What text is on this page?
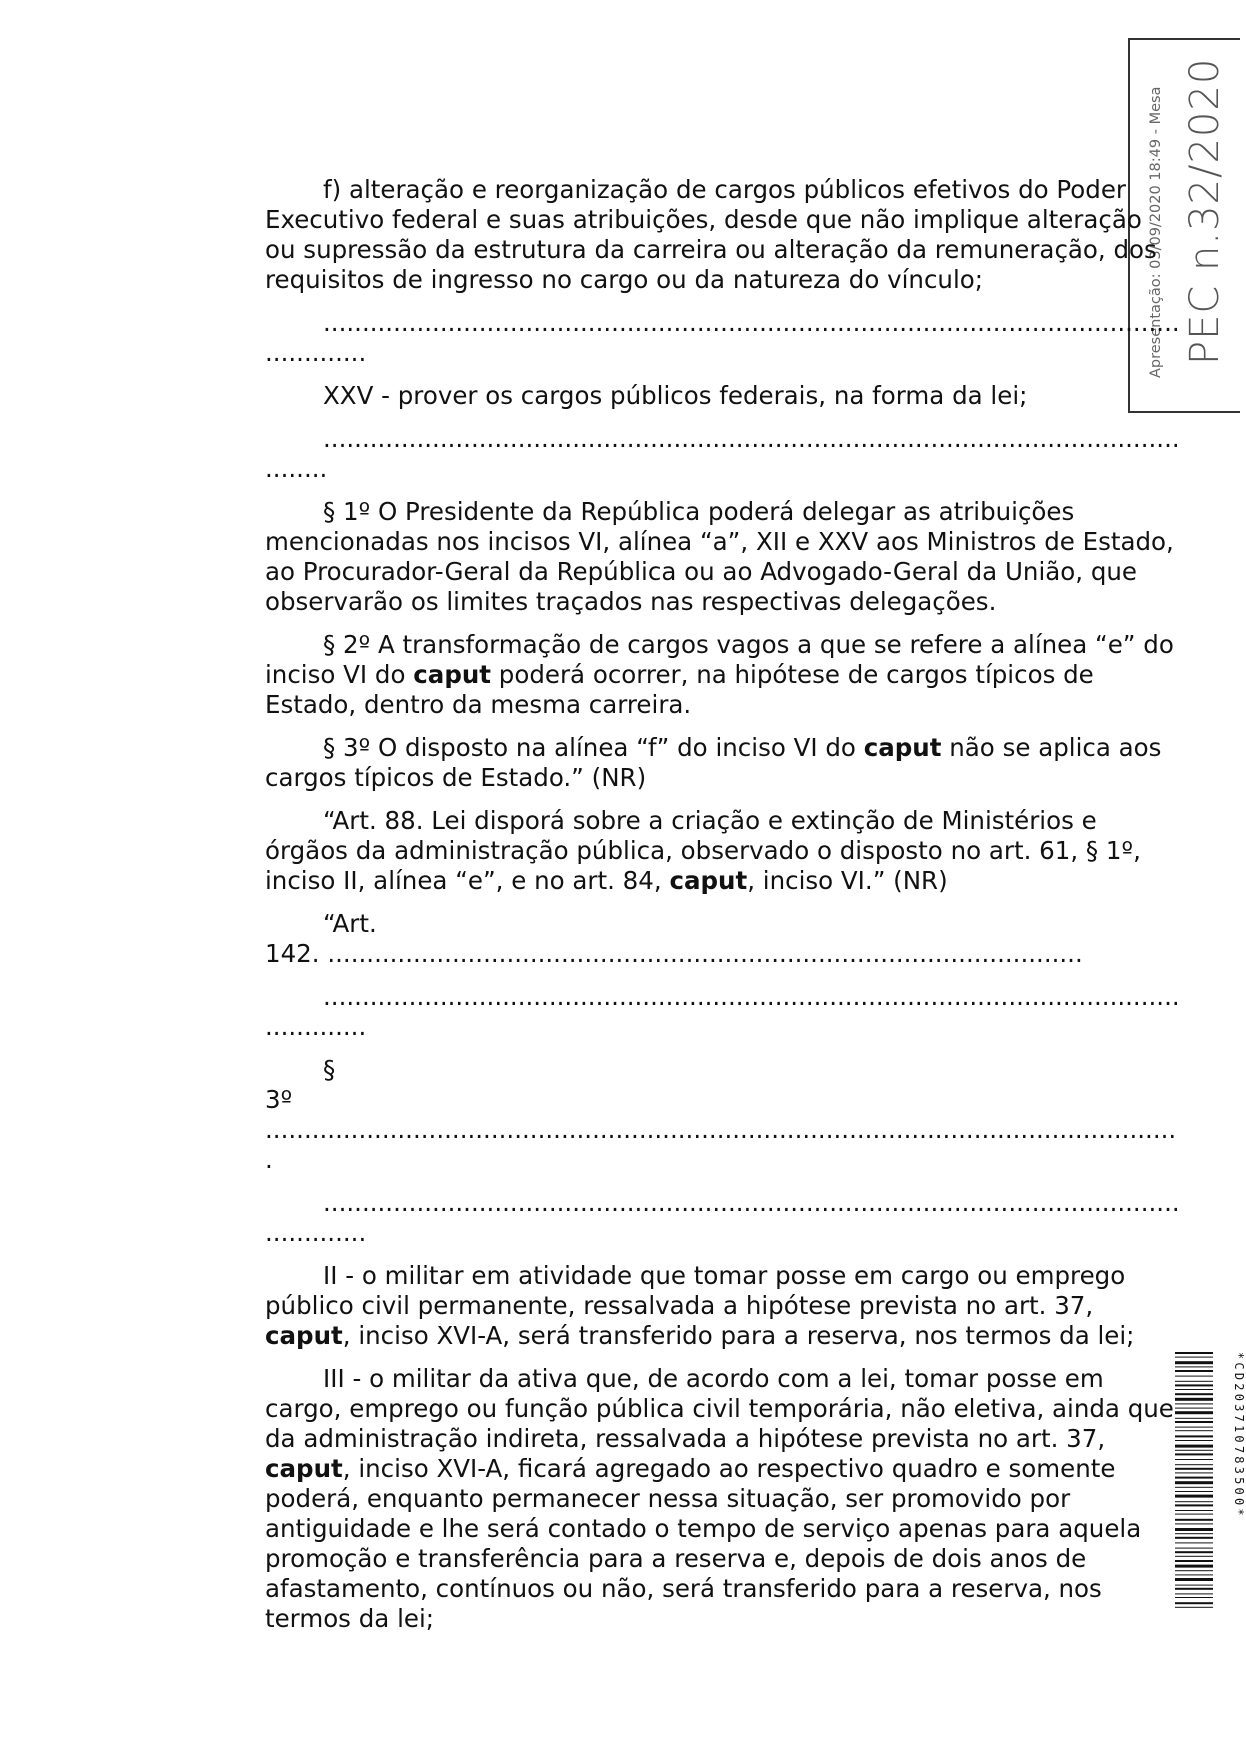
Apresentação: 03/09/2020 18:49 - Mesa PEC n.32/2020
*CD203710783500*

f) alteração e reorganização de cargos públicos efetivos do Poder Executivo federal e suas atribuições, desde que não implique alteração ou supressão da estrutura da carreira ou alteração da remuneração, dos requisitos de ingresso no cargo ou da natureza do vínculo;

...........................................................................................................................

XXV - prover os cargos públicos federais, na forma da lei;

......................................................................................................................

§ 1º O Presidente da República poderá delegar as atribuições mencionadas nos incisos VI, alínea “a”, XII e XXV aos Ministros de Estado, ao Procurador-Geral da República ou ao Advogado-Geral da União, que observarão os limites traçados nas respectivas delegações.

§ 2º A transformação de cargos vagos a que se refere a alínea “e” do inciso VI do caput poderá ocorrer, na hipótese de cargos típicos de Estado, dentro da mesma carreira.

§ 3º O disposto na alínea “f” do inciso VI do caput não se aplica aos cargos típicos de Estado.” (NR)

“Art. 88. Lei disporá sobre a criação e extinção de Ministérios e órgãos da administração pública, observado o disposto no art. 61, § 1º, inciso II, alínea “e”, e no art. 84, caput, inciso VI.” (NR)

“Art.
142. .................................................................................................

...........................................................................................................................

§
3º ......................................................................................................................

...........................................................................................................................

II - o militar em atividade que tomar posse em cargo ou emprego público civil permanente, ressalvada a hipótese prevista no art. 37, caput, inciso XVI-A, será transferido para a reserva, nos termos da lei;

III - o militar da ativa que, de acordo com a lei, tomar posse em cargo, emprego ou função pública civil temporária, não eletiva, ainda que da administração indireta, ressalvada a hipótese prevista no art. 37, caput, inciso XVI-A, ficará agregado ao respectivo quadro e somente poderá, enquanto permanecer nessa situação, ser promovido por antiguidade e lhe será contado o tempo de serviço apenas para aquela promoção e transferência para a reserva e, depois de dois anos de afastamento, contínuos ou não, será transferido para a reserva, nos termos da lei;
